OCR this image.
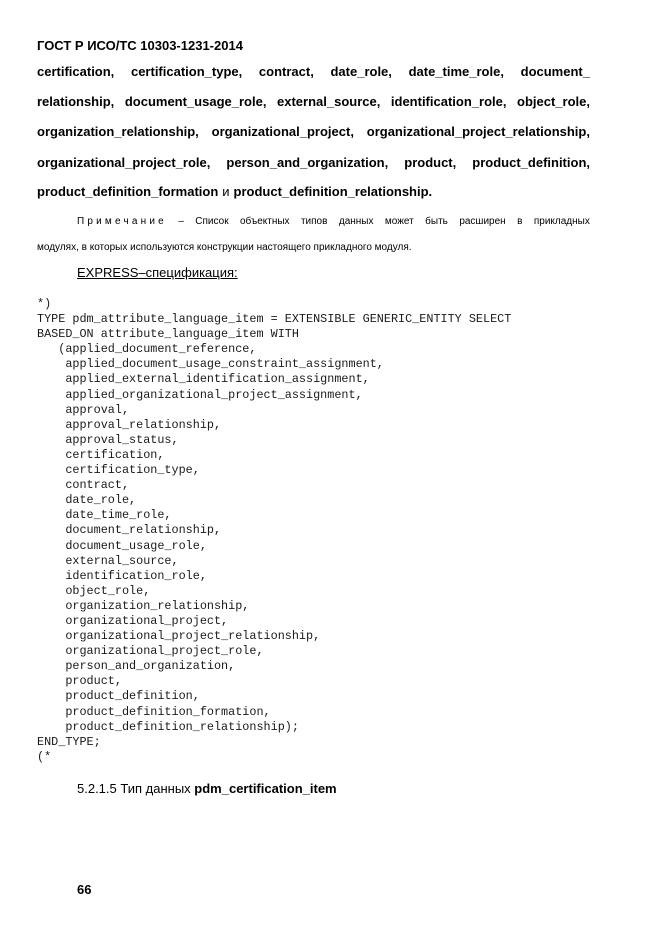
ГОСТ Р ИСО/ТС 10303-1231-2014
certification, certification_type, contract, date_role, date_time_role, document_
relationship, document_usage_role, external_source, identification_role, object_role,
organization_relationship, organizational_project, organizational_project_relationship,
organizational_project_role, person_and_organization, product, product_definition,
product_definition_formation и product_definition_relationship.
Примечание – Список объектных типов данных может быть расширен в прикладных
модулях, в которых используются конструкции настоящего прикладного модуля.
EXPRESS–спецификация:
*)
TYPE pdm_attribute_language_item = EXTENSIBLE GENERIC_ENTITY SELECT
BASED_ON attribute_language_item WITH
(applied_document_reference,
applied_document_usage_constraint_assignment,
applied_external_identification_assignment,
applied_organizational_project_assignment,
approval,
approval_relationship,
approval_status,
certification,
certification_type,
contract,
date_role,
date_time_role,
document_relationship,
document_usage_role,
external_source,
identification_role,
object_role,
organization_relationship,
organizational_project,
organizational_project_relationship,
organizational_project_role,
person_and_organization,
product,
product_definition,
product_definition_formation,
product_definition_relationship);
END_TYPE;
(*
5.2.1.5 Тип данных pdm_certification_item
66
